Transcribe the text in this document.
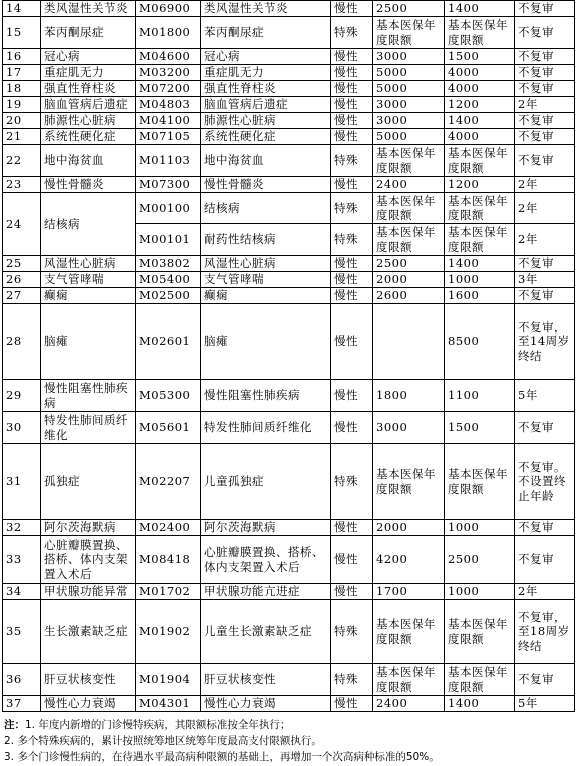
14	类风湿性关节炎	M06900	类风湿性关节炎	慢性	2500	1400	不复审
15	苯丙酮尿症	M01800	苯丙酮尿症	特殊	基本医保年度限额	基本医保年度限额	不复审
16	冠心病	M04600	冠心病	慢性	3000	1500	不复审
17	重症肌无力	M03200	重症肌无力	慢性	5000	4000	不复审
18	强直性脊柱炎	M07200	强直性脊柱炎	慢性	5000	4000	不复审
19	脑血管病后遗症	M04803	脑血管病后遗症	慢性	3000	1200	2年
20	肺源性心脏病	M04100	肺源性心脏病	慢性	3000	1400	不复审
21	系统性硬化症	M07105	系统性硬化症	慢性	5000	4000	不复审
22	地中海贫血	M01103	地中海贫血	特殊	基本医保年度限额	基本医保年度限额	不复审
23	慢性骨髓炎	M07300	慢性骨髓炎	慢性	2400	1200	2年
24	结核病	M00100	结核病	特殊	基本医保年度限额	基本医保年度限额	2年
		M00101	耐药性结核病	特殊	基本医保年度限额	基本医保年度限额	2年
25	风湿性心脏病	M03802	风湿性心脏病	慢性	2500	1400	不复审
26	支气管哮喘	M05400	支气管哮喘	慢性	2000	1000	3年
27	癫痫	M02500	癫痫	慢性	2600	1600	不复审
28	脑瘫	M02601	脑瘫	慢性		8500	不复审，至14周岁终结
29	慢性阻塞性肺疾病	M05300	慢性阻塞性肺疾病	慢性	1800	1100	5年
30	特发性肺间质纤维化	M05601	特发性肺间质纤维化	慢性	3000	1500	不复审
31	孤独症	M02207	儿童孤独症	特殊	基本医保年度限额	基本医保年度限额	不复审。不设置终止年龄
32	阿尔茨海默病	M02400	阿尔茨海默病	慢性	2000	1000	不复审
33	心脏瓣膜置换、搭桥、体内支架置入术后	M08418	心脏瓣膜置换、搭桥、体内支架置入术后	慢性	4200	2500	不复审
34	甲状腺功能异常	M01702	甲状腺功能亢进症	慢性	1700	1000	2年
35	生长激素缺乏症	M01902	儿童生长激素缺乏症	特殊	基本医保年度限额	基本医保年度限额	不复审，至18周岁终结
36	肝豆状核变性	M01904	肝豆状核变性	特殊	基本医保年度限额	基本医保年度限额	不复审
37	慢性心力衰竭	M04301	慢性心力衰竭	慢性	2400	1400	5年
注：1. 年度内新增的门诊慢特疾病，其限额标准按全年执行；
2. 多个特殊疾病的，累计按照统筹地区统筹年度最高支付限额执行。
3. 多个门诊慢性病的，在待遇水平最高病种限额的基础上，再增加一个次高病种标准的50%。
